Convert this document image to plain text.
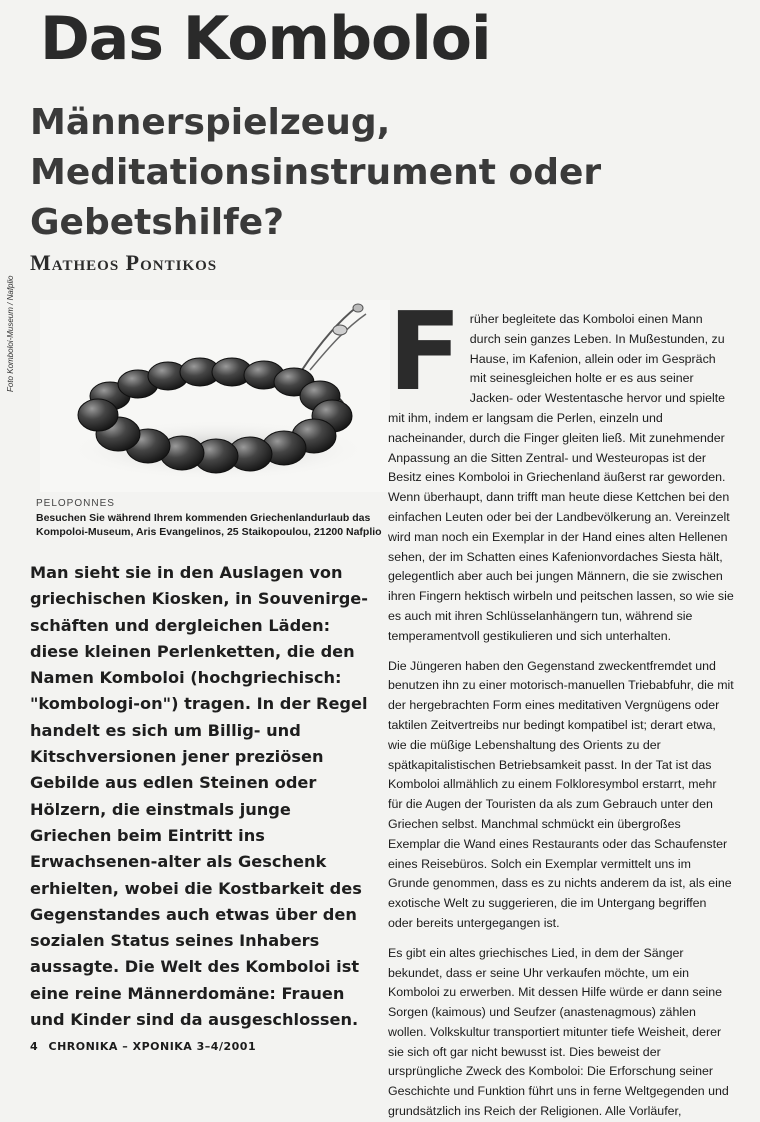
Das Komboloi
Männerspielzeug, Meditationsinstrument oder Gebetshilfe?
Matheos Pontikos
Foto Komboloi-Museum / Nafplio
PELOPONNES

Besuchen Sie während Ihrem kommenden Griechenlandurlaub das Kompoloi-Museum, Aris Evangelinos, 25 Staikopoulou, 21200 Nafplio

Man sieht sie in den Auslagen von griechischen Kiosken, in Souvenirge-schäften und dergleichen Läden: diese kleinen Perlenketten, die den Namen Komboloi (hochgriechisch: "kombologi-on") tragen. In der Regel handelt es sich um Billig- und Kitschversionen jener preziösen Gebilde aus edlen Steinen oder Hölzern, die einstmals junge Griechen beim Eintritt ins Erwachsenen-alter als Geschenk erhielten, wobei die Kostbarkeit des Gegenstandes auch etwas über den sozialen Status seines Inhabers aussagte. Die Welt des Komboloi ist eine reine Männerdomäne: Frauen und Kinder sind da ausgeschlossen.

Früher begleitete das Komboloi einen Mann durch sein ganzes Leben. In Mußestunden, zu Hause, im Kafenion, allein oder im Gespräch mit seinesgleichen holte er es aus seiner Jacken- oder Westentasche hervor und spielte mit ihm, indem er langsam die Perlen, einzeln und nacheinander, durch die Finger gleiten ließ. Mit zunehmender Anpassung an die Sitten Zentral- und Westeuropas ist der Besitz eines Komboloi in Griechenland äußerst rar geworden. Wenn überhaupt, dann trifft man heute diese Kettchen bei den einfachen Leuten oder bei der Landbevölkerung an. Vereinzelt wird man noch ein Exemplar in der Hand eines alten Hellenen sehen, der im Schatten eines Kafenionvordaches Siesta hält, gelegentlich aber auch bei jungen Männern, die sie zwischen ihren Fingern hektisch wirbeln und peitschen lassen, so wie sie es auch mit ihren Schlüsselanhängern tun, während sie temperamentvoll gestikulieren und sich unterhalten.

Die Jüngeren haben den Gegenstand zweckentfremdet und benutzen ihn zu einer motorisch-manuellen Triebabfuhr, die mit der hergebrachten Form eines meditativen Vergnügens oder taktilen Zeitvertreibs nur bedingt kompatibel ist; derart etwa, wie die müßige Lebenshaltung des Orients zu der spätkapitalistischen Betriebsamkeit passt. In der Tat ist das Komboloi allmählich zu einem Folkloresymbol erstarrt, mehr für die Augen der Touristen da als zum Gebrauch unter den Griechen selbst. Manchmal schmückt ein übergroßes Exemplar die Wand eines Restaurants oder das Schaufenster eines Reisebüros. Solch ein Exemplar vermittelt uns im Grunde genommen, dass es zu nichts anderem da ist, als eine exotische Welt zu suggerieren, die im Untergang begriffen oder bereits untergegangen ist.

Es gibt ein altes griechisches Lied, in dem der Sänger bekundet, dass er seine Uhr verkaufen möchte, um ein Komboloi zu erwerben. Mit dessen Hilfe würde er dann seine Sorgen (kaimous) und Seufzer (anastenagmous) zählen wollen. Volkskultur transportiert mitunter tiefe Weisheit, derer sie sich oft gar nicht bewusst ist. Dies beweist der ursprüngliche Zweck des Komboloi: Die Erforschung seiner Geschichte und Funktion führt uns in ferne Weltgegenden und grundsätzlich ins Reich der Religionen. Alle Vorläufer,

4 CHRONIKA – XPONIKA 3–4/2001
